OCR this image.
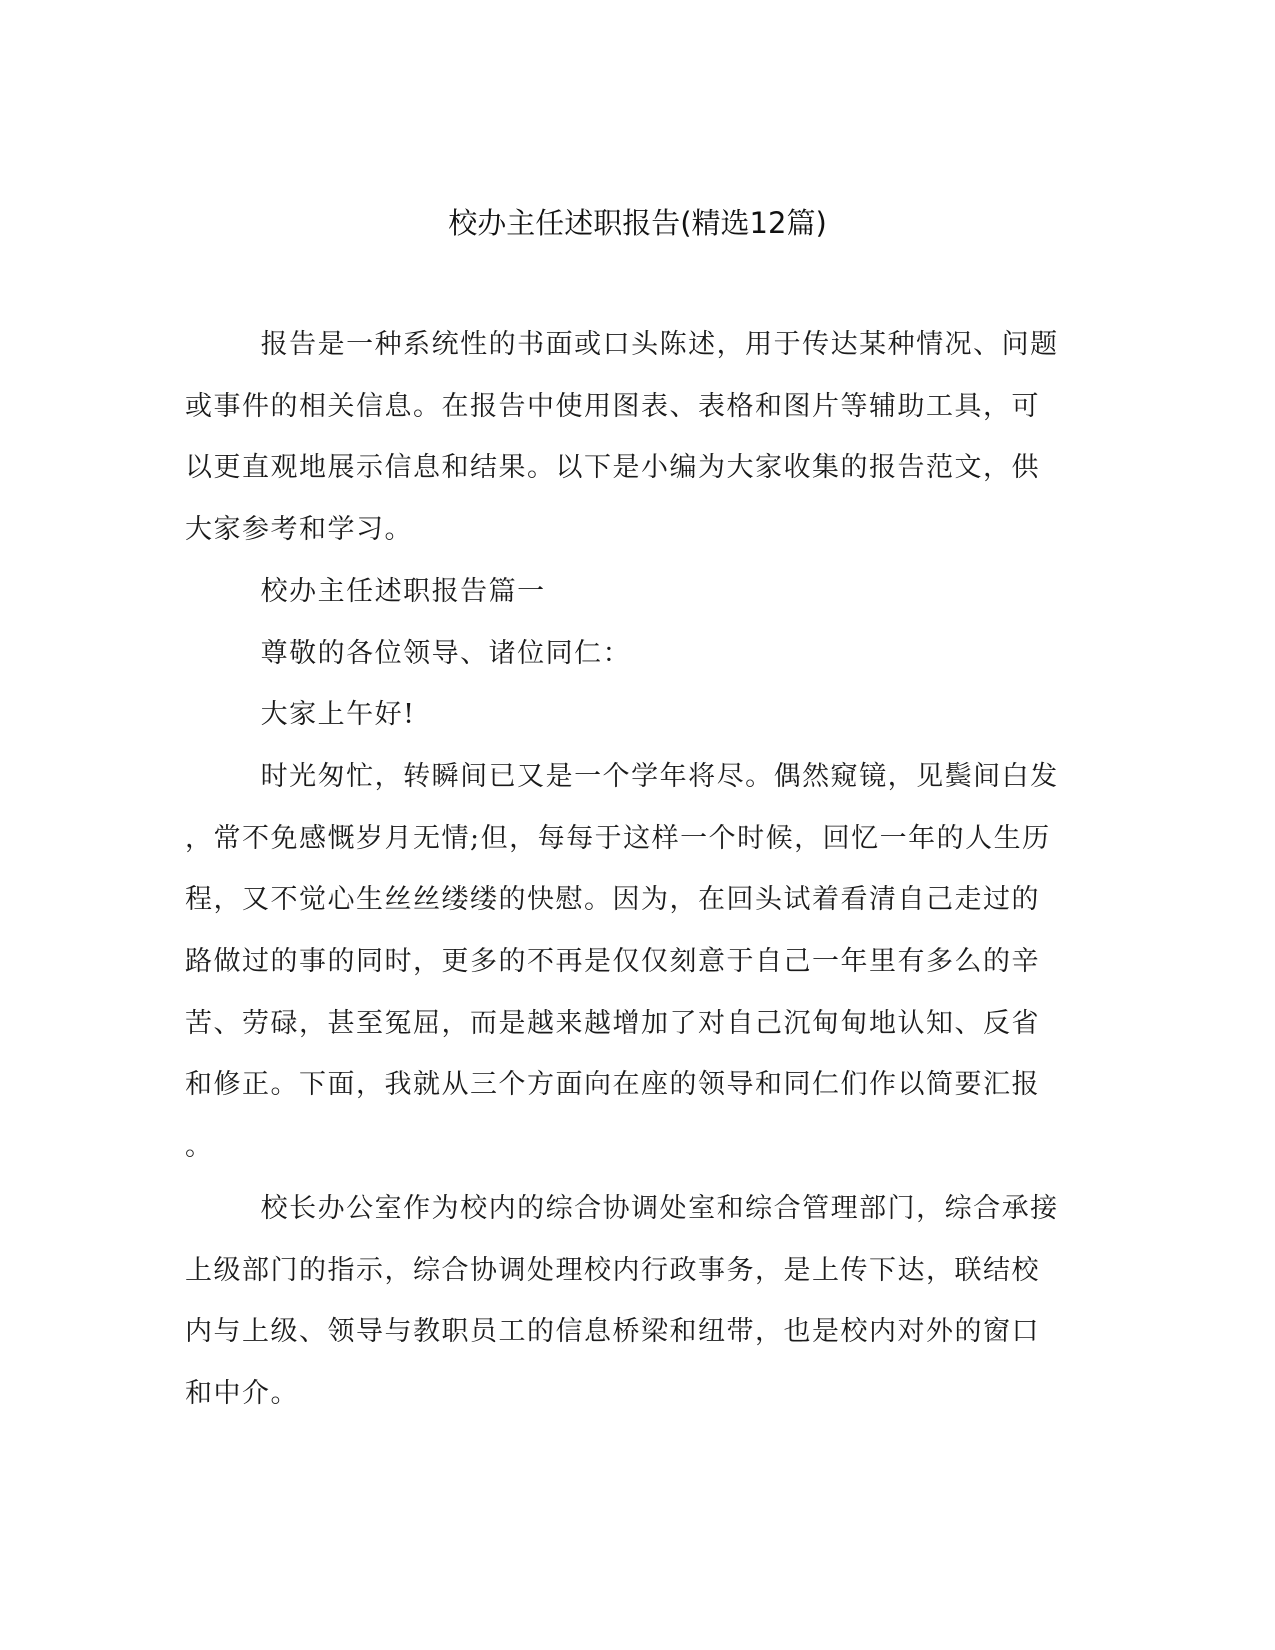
校办主任述职报告(精选12篇)

报告是一种系统性的书面或口头陈述，用于传达某种情况、问题
或事件的相关信息。在报告中使用图表、表格和图片等辅助工具，可
以更直观地展示信息和结果。以下是小编为大家收集的报告范文，供
大家参考和学习。

校办主任述职报告篇一

尊敬的各位领导、诸位同仁：

大家上午好!

时光匆忙，转瞬间已又是一个学年将尽。偶然窥镜，见鬓间白发
，常不免感慨岁月无情;但，每每于这样一个时候，回忆一年的人生历
程，又不觉心生丝丝缕缕的快慰。因为，在回头试着看清自己走过的
路做过的事的同时，更多的不再是仅仅刻意于自己一年里有多么的辛
苦、劳碌，甚至冤屈，而是越来越增加了对自己沉甸甸地认知、反省
和修正。下面，我就从三个方面向在座的领导和同仁们作以简要汇报
。

校长办公室作为校内的综合协调处室和综合管理部门，综合承接
上级部门的指示，综合协调处理校内行政事务，是上传下达，联结校
内与上级、领导与教职员工的信息桥梁和纽带，也是校内对外的窗口
和中介。
